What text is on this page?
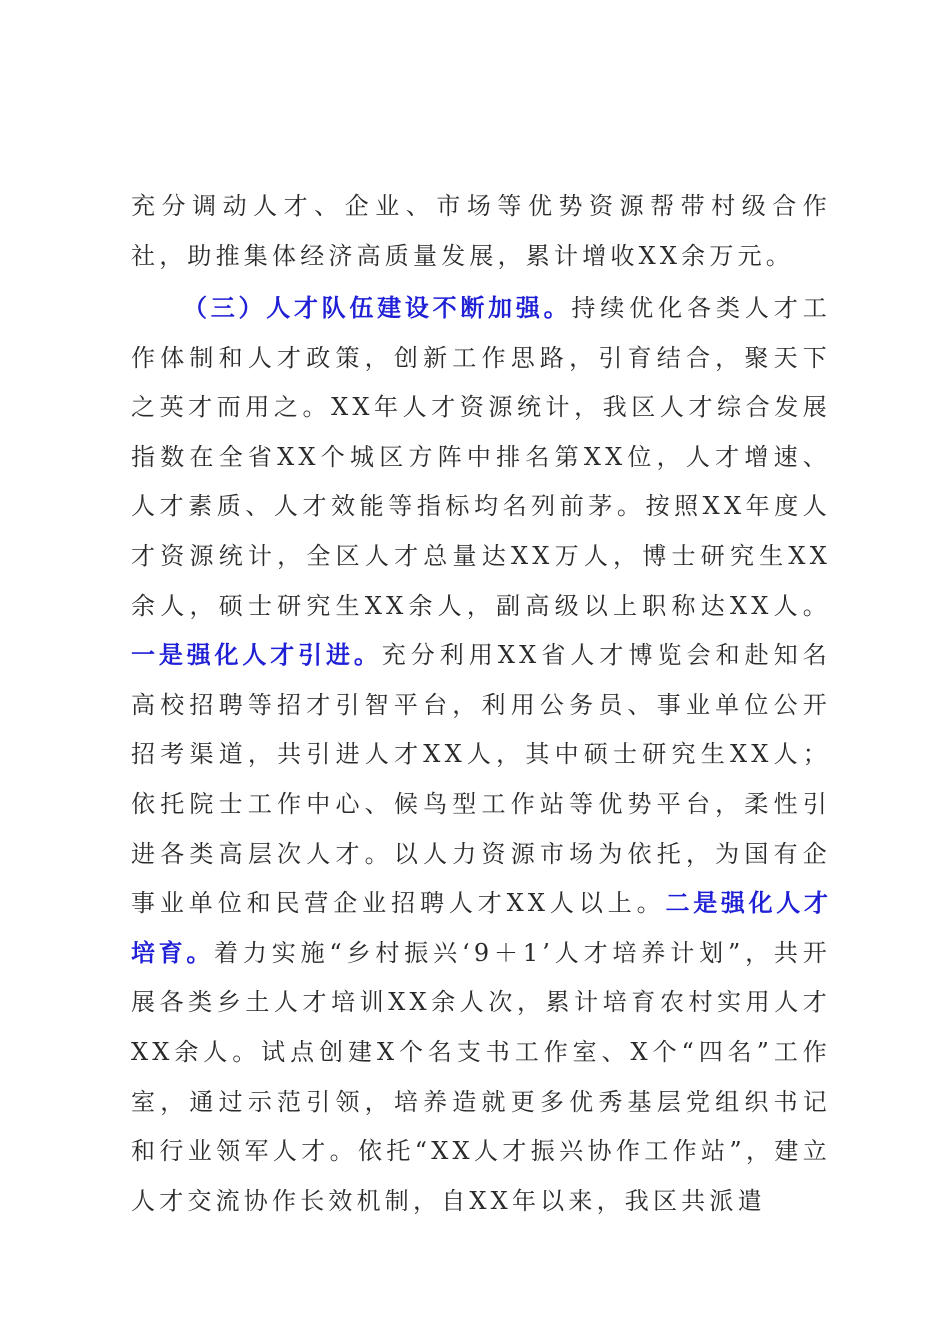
充分调动人才、企业、市场等优势资源帮带村级合作社，助推集体经济高质量发展，累计增收XX余万元。

（三）人才队伍建设不断加强。持续优化各类人才工作体制和人才政策，创新工作思路，引育结合，聚天下之英才而用之。XX年人才资源统计，我区人才综合发展指数在全省XX个城区方阵中排名第XX位，人才增速、人才素质、人才效能等指标均名列前茅。按照XX年度人才资源统计，全区人才总量达XX万人，博士研究生XX余人，硕士研究生XX余人，副高级以上职称达XX人。一是强化人才引进。充分利用XX省人才博览会和赴知名高校招聘等招才引智平台，利用公务员、事业单位公开招考渠道，共引进人才XX人，其中硕士研究生XX人；依托院士工作中心、候鸟型工作站等优势平台，柔性引进各类高层次人才。以人力资源市场为依托，为国有企事业单位和民营企业招聘人才XX人以上。二是强化人才培育。着力实施“乡村振兴‘9＋1’人才培养计划”，共开展各类乡土人才培训XX余人次，累计培育农村实用人才XX余人。试点创建X个名支书工作室、X个“四名”工作室，通过示范引领，培养造就更多优秀基层党组织书记和行业领军人才。依托“XX人才振兴协作工作站”，建立人才交流协作长效机制，自XX年以来，我区共派遣
